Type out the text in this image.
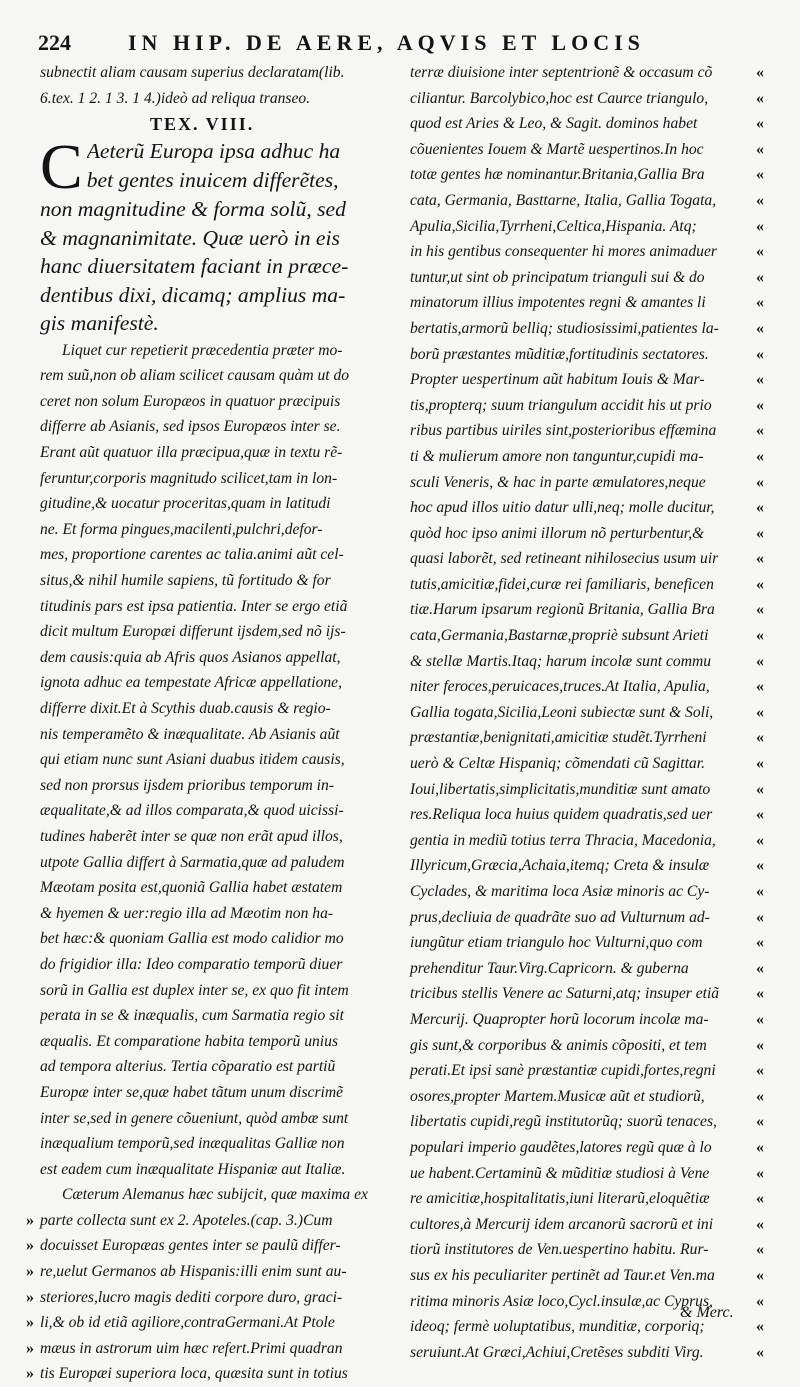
224	IN HIP. DE AERE, AQVIS ET LOCIS
subnectit aliam causam superius declaratam(lib.
6.tex. 1 2. 1 3. 1 4.)ideò ad reliqua transeo.
TEX. VIII.
C Aeterũ Europa ipsa adhuc ha
bet gentes inuicem differẽtes,
non magnitudine & forma solũ, sed
& magnanimitate. Quæ uerò in eis
hanc diuersitatem faciant in præce-
dentibus dixi, dicamq; amplius ma-
gis manifestè.
Liquet cur repetierit præcedentia præter mo-
rem suũ,non ob aliam scilicet causam quàm ut do
ceret non solum Europæos in quatuor præcipuis
differre ab Asianis, sed ipsos Europæos inter se.
Erant aũt quatuor illa præcipua,quæ in textu rẽ-
feruntur,corporis magnitudo scilicet,tam in lon-
gitudine,& uocatur proceritas,quam in latitudi
ne. Et forma pingues,macilenti,pulchri,defor-
mes, proportione carentes ac talia.animi aũt cel-
situs,& nihil humile sapiens, tũ fortitudo & for
titudinis pars est ipsa patientia. Inter se ergo etiã
dicit multum Europæi differunt ijsdem,sed nõ ijs-
dem causis:quia ab Afris quos Asianos appellat,
ignota adhuc ea tempestate Africæ appellatione,
differre dixit.Et à Scythis duab.causis & regio-
nis temperamẽto & inæqualitate. Ab Asianis aũt
qui etiam nunc sunt Asiani duabus itidem causis,
sed non prorsus ijsdem prioribus temporum in-
æqualitate,& ad illos comparata,& quod uicissi-
tudines haberẽt inter se quæ non erãt apud illos,
utpote Gallia differt à Sarmatia,quæ ad paludem
Mæotam posita est,quoniã Gallia habet æstatem
& hyemen & uer:regio illa ad Mæotim non ha-
bet hæc:& quoniam Gallia est modo calidior mo
do frigidior illa: Ideo comparatio temporũ diuer
sorũ in Gallia est duplex inter se, ex quo fit intem
perata in se & inæqualis, cum Sarmatia regio sit
æqualis. Et comparatione habita temporũ unius
ad tempora alterius. Tertia cõparatio est partiũ
Europæ inter se,quæ habet tãtum unum discrimẽ
inter se,sed in genere cõueniunt, quòd ambæ sunt
inæqualium temporũ,sed inæqualitas Galliæ non
est eadem cum inæqualitate Hispaniæ aut Italiæ.
Cæterum Alemanus hæc subijcit, quæ maxima ex
parte collecta sunt ex 2. Apoteles.(cap. 3.)Cum
»
docuisset Europæas gentes inter se paulũ differ-
»
re,uelut Germanos ab Hispanis:illi enim sunt au-
»
steriores,lucro magis dediti corpore duro, graci-
»
li,& ob id etiã agiliore,contraGermani.At Ptole
»
mæus in astrorum uim hæc refert.Primi quadran
»
tis Europæi superiora loca, quæsita sunt in totius
»
terræ diuisione inter septentrionẽ & occasum cõ	«
ciliantur. Barcolybico,hoc est Caurce triangulo,	«
quod est Aries & Leo, & Sagit. dominos habet	«
cõuenientes Iouem & Martẽ uespertinos.In hoc	«
totæ gentes hæ nominantur.Britania,Gallia Bra	«
cata, Germania, Basttarne, Italia, Gallia Togata, «
Apulia,Sicilia,Tyrrheni,Celtica,Hispania. Atq;	«
in his gentibus consequenter hi mores animaduer «
tuntur,ut sint ob principatum trianguli sui & do	«
minatorum illius impotentes regni & amantes li	«
bertatis,armorũ belliq; studiosissimi,patientes la- «
borũ præstantes mũditiæ,fortitudinis sectatores.	«
Propter uespertinum aũt habitum Iouis & Mar-	«
tis,propterq; suum triangulum accidit his ut prio	«
ribus partibus uiriles sint,posterioribus effæmina «
ti & mulierum amore non tanguntur,cupidi ma-	«
sculi Veneris, & hac in parte æmulatores,neque	«
hoc apud illos uitio datur ulli,neq; molle ducitur,	«
quòd hoc ipso animi illorum nõ perturbentur,&	«
quasi laborẽt, sed retineant nihilosecius usum uir «
tutis,amicitiæ,fidei,curæ rei familiaris, beneficen	«
tiæ.Harum ipsarum regionũ Britania, Gallia Bra	«
cata,Germania,Bastarnæ,propriè subsunt Arieti	«
& stellæ Martis.Itaq; harum incolæ sunt commu	«
niter feroces,peruicaces,truces.At Italia, Apulia,	«
Gallia togata,Sicilia,Leoni subiectæ sunt & Soli,	«
præstantiæ,benignitati,amicitiæ studẽt.Tyrrheni	«
uerò & Celtæ Hispaniq; cõmendati cũ Sagittar.	«
Ioui,libertatis,simplicitatis,munditiæ sunt amato	«
res.Reliqua loca huius quidem quadratis,sed uer	«
gentia in mediũ totius terra Thracia, Macedonia,	«
Illyricum,Græcia,Achaia,itemq; Creta & insulæ	«
Cyclades, & maritima loca Asiæ minoris ac Cy-	«
prus,decliuia de quadrãte suo ad Vulturnum ad-	«
iungũtur etiam triangulo hoc Vulturni,quo com	«
prehenditur Taur.Virg.Capricorn. & guberna	«
tricibus stellis Venere ac Saturni,atq; insuper etiã «
Mercurij. Quapropter horũ locorum incolæ ma-	«
gis sunt,& corporibus & animis cõpositi, et tem	«
perati.Et ipsi sanè præstantiæ cupidi,fortes,regni	«
osores,propter Martem.Musicæ aũt et studiorũ,	«
libertatis cupidi,regũ institutorũq; suorũ tenaces, «
populari imperio gaudẽtes,latores regũ quæ à lo	«
ue habent.Certaminũ & mũditiæ studiosi à Vene	«
re amicitiæ,hospitalitatis,iuni literarũ,eloquẽtiæ	«
cultores,à Mercurij idem arcanorũ sacrorũ et ini	«
tiorũ institutores de Ven.uespertino habitu. Rur-	«
sus ex his peculiariter pertinẽt ad Taur.et Ven.ma	«
ritima minoris Asiæ loco,Cycl.insulæ,ac Cyprus,	«
ideoq; fermè uoluptatibus, munditiæ, corporiq;	«
seruiunt.At Græci,Achiui,Cretẽses subditi Virg.	«
& Merc.
